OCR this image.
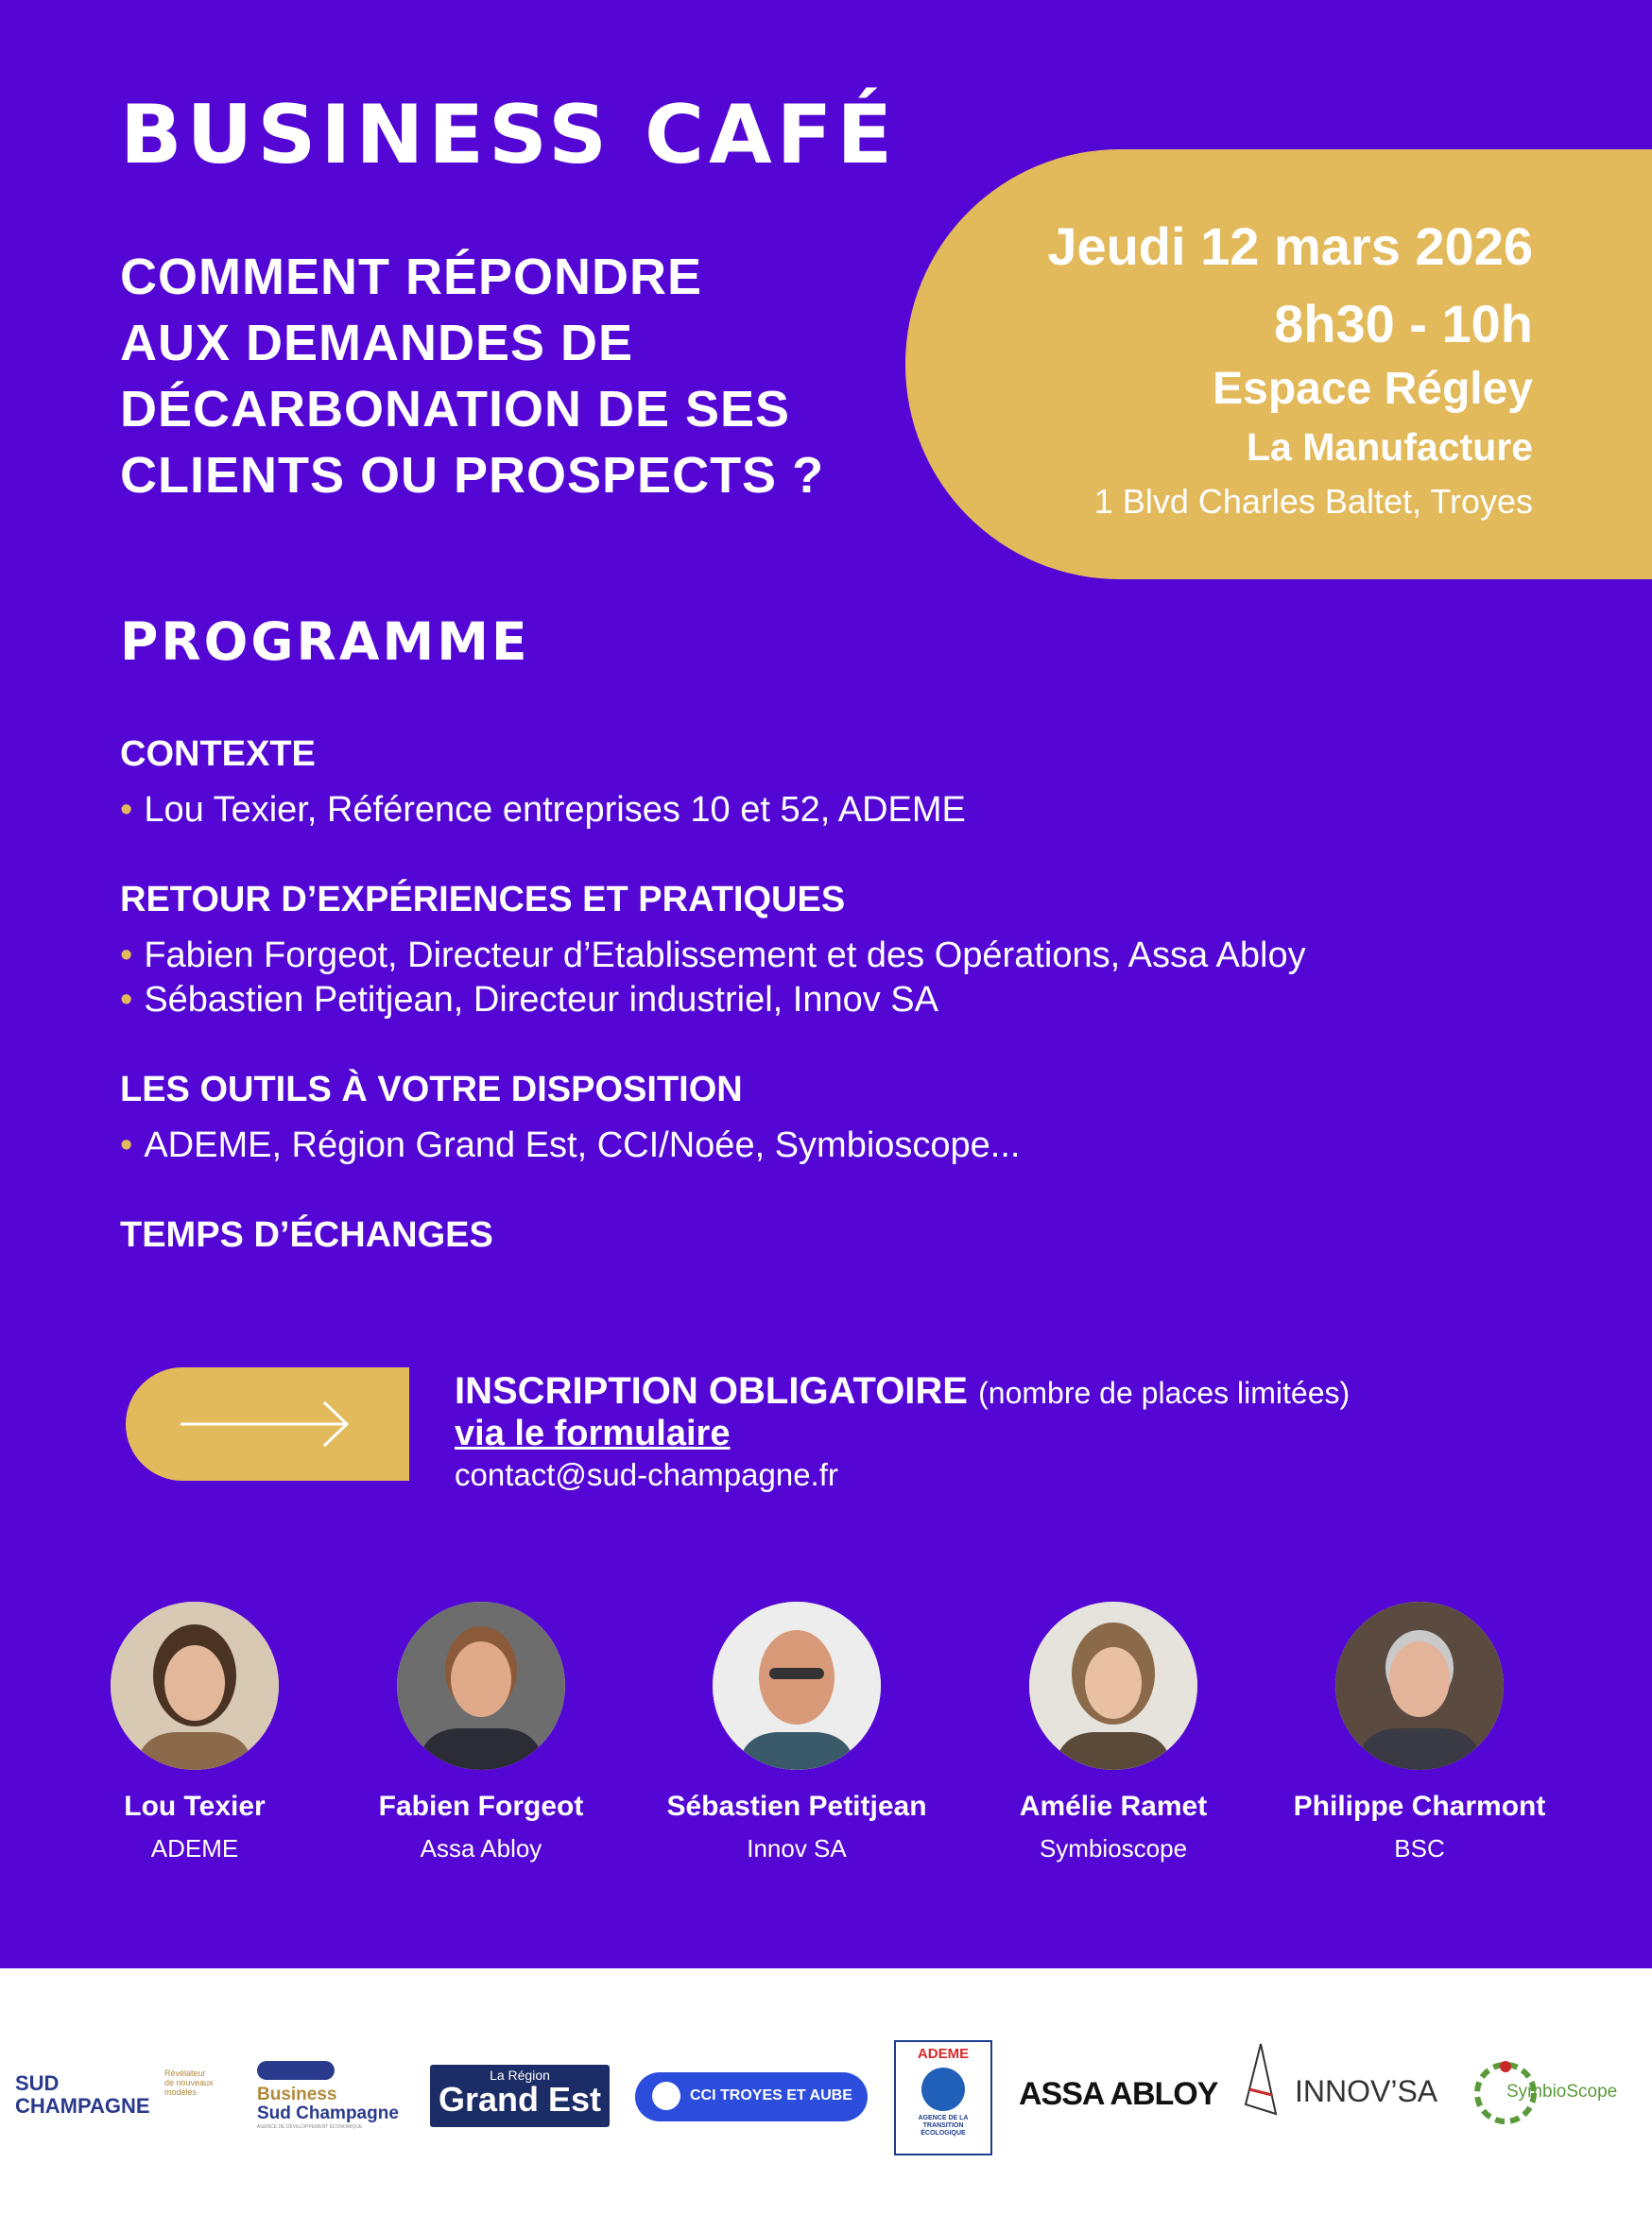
BUSINESS CAFÉ
COMMENT RÉPONDRE
AUX DEMANDES DE
DÉCARBONATION DE SES
CLIENTS OU PROSPECTS ?
Jeudi 12 mars 2026
8h30 - 10h
Espace Régley
La Manufacture
1 Blvd Charles Baltet, Troyes
PROGRAMME
CONTEXTE
• Lou Texier, Référence entreprises 10 et 52, ADEME
RETOUR D’EXPÉRIENCES ET PRATIQUES
• Fabien Forgeot, Directeur d’Etablissement et des Opérations, Assa Abloy
• Sébastien Petitjean, Directeur industriel, Innov SA
LES OUTILS À VOTRE DISPOSITION
• ADEME, Région Grand Est, CCI/Noée, Symbioscope...
TEMPS D’ÉCHANGES
INSCRIPTION OBLIGATOIRE (nombre de places limitées)
via le formulaire
contact@sud-champagne.fr
Lou Texier
ADEME
Fabien Forgeot
Assa Abloy
Sébastien Petitjean
Innov SA
Amélie Ramet
Symbioscope
Philippe Charmont
BSC
SUD
CHAMPAGNE
Révélateur
de nouveaux
modèles	Business
Sud Champagne
AGENCE DE DÉVELOPPEMENT ÉCONOMIQUE
La Région
Grand Est	CCI TROYES ET AUBE
ADEME
AGENCE DE LA
TRANSITION
ÉCOLOGIQUE
ASSA ABLOY	INNOV’SA	SymbioScope
